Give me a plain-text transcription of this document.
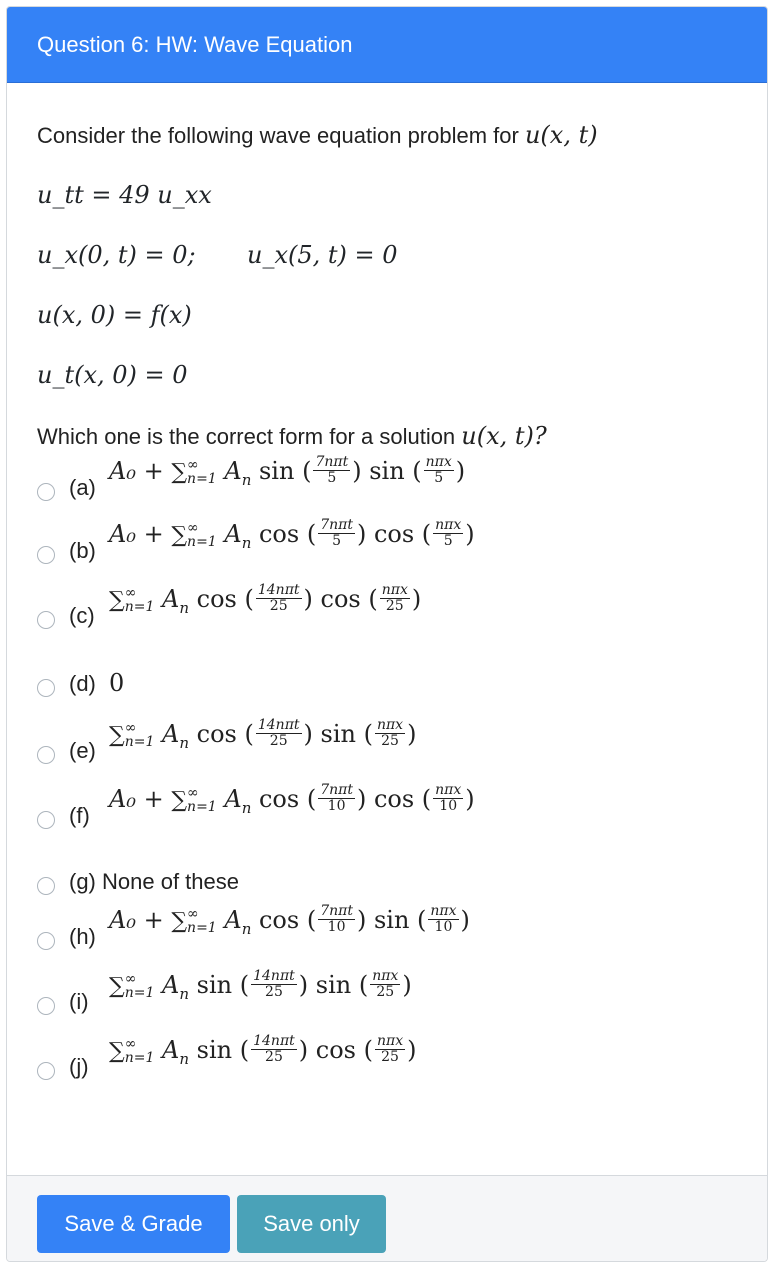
Question 6: HW: Wave Equation
Consider the following wave equation problem for u(x, t)
u_tt = 49 u_xx
u_x(0, t) = 0; u_x(5, t) = 0
u(x, 0) = f(x)
u_t(x, 0) = 0
Which one is the correct form for a solution u(x, t)?
(a)
A₀ + ∑ ∞
n=1 $A_n$ sin ( $\frac{\text{7nπt}}{5}$ ) sin ( $\frac{\text{nπx}}{5}$ )
(b)
A₀ + ∑ ∞
n=1 $A_n$ cos ( $\frac{\text{7nπt}}{5}$ ) cos ( $\frac{\text{nπx}}{5}$ )
(c)
∑ ∞
n=1 $A_n$ cos ( $\frac{\text{14nπt}}{25}$ ) cos ( $\frac{\text{nπx}}{25}$ )
(d) 0
(e)
∑ ∞
n=1 $A_n$ cos ( $\frac{\text{14nπt}}{25}$ ) sin ( $\frac{\text{nπx}}{25}$ )
(f)
A₀ + ∑ ∞
n=1 $A_n$ cos ( $\frac{\text{7nπt}}{10}$ ) cos ( $\frac{\text{nπx}}{10}$ )
(g) None of these
(h)
A₀ + ∑ ∞
n=1 $A_n$ cos ( $\frac{\text{7nπt}}{10}$ ) sin ( $\frac{\text{nπx}}{10}$ )
(i)
∑ ∞
n=1 $A_n$ sin ( $\frac{\text{14nπt}}{25}$ ) sin ( $\frac{\text{nπx}}{25}$ )
(j)
∑ ∞
n=1 $A_n$ sin ( $\frac{\text{14nπt}}{25}$ ) cos ( $\frac{\text{nπx}}{25}$ )
Save & Grade	Save only
